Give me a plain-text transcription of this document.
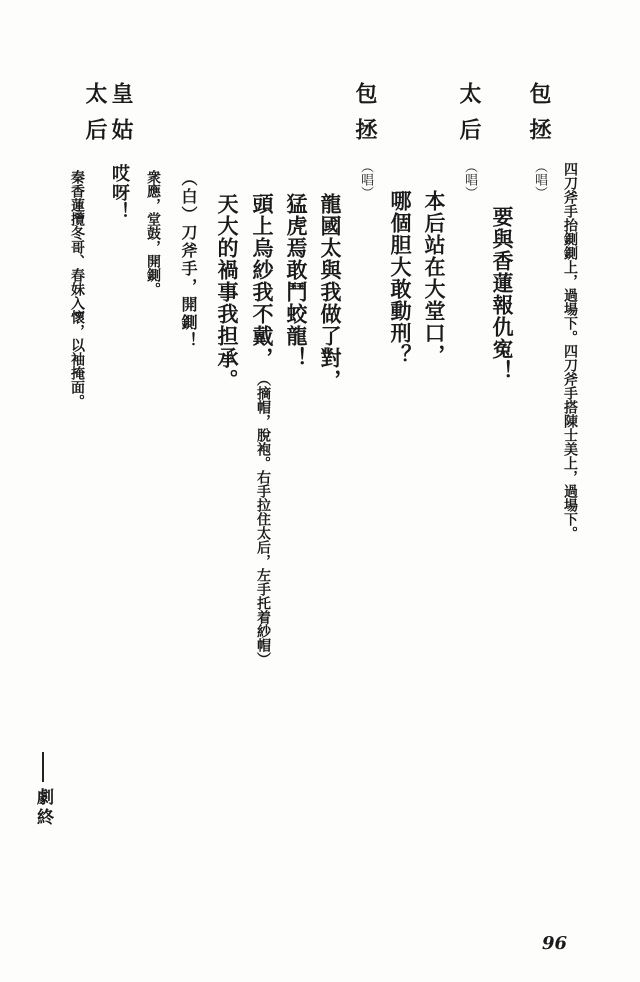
四刀斧手抬鍘鍘上，過場下。四刀斧手搭陳士美上，過場下。
包拯
（唱）
要與香蓮報仇寃！
太后
（唱）
本后站在大堂口，
哪個胆大敢動刑？
包拯
（唱）
龍國太與我做了對，
猛虎焉敢鬥蛟龍！
頭上烏紗我不戴，
（摘帽，脫袍。右手拉住太后，左手托着紗帽）
天大的禍事我担承。
（白）刀斧手，開鍘！
衆應，堂鼓，開鍘。
皇姑
太后
哎呀！
秦香蓮攬冬哥、春妹入懷，以袖掩面。
劇終
96
